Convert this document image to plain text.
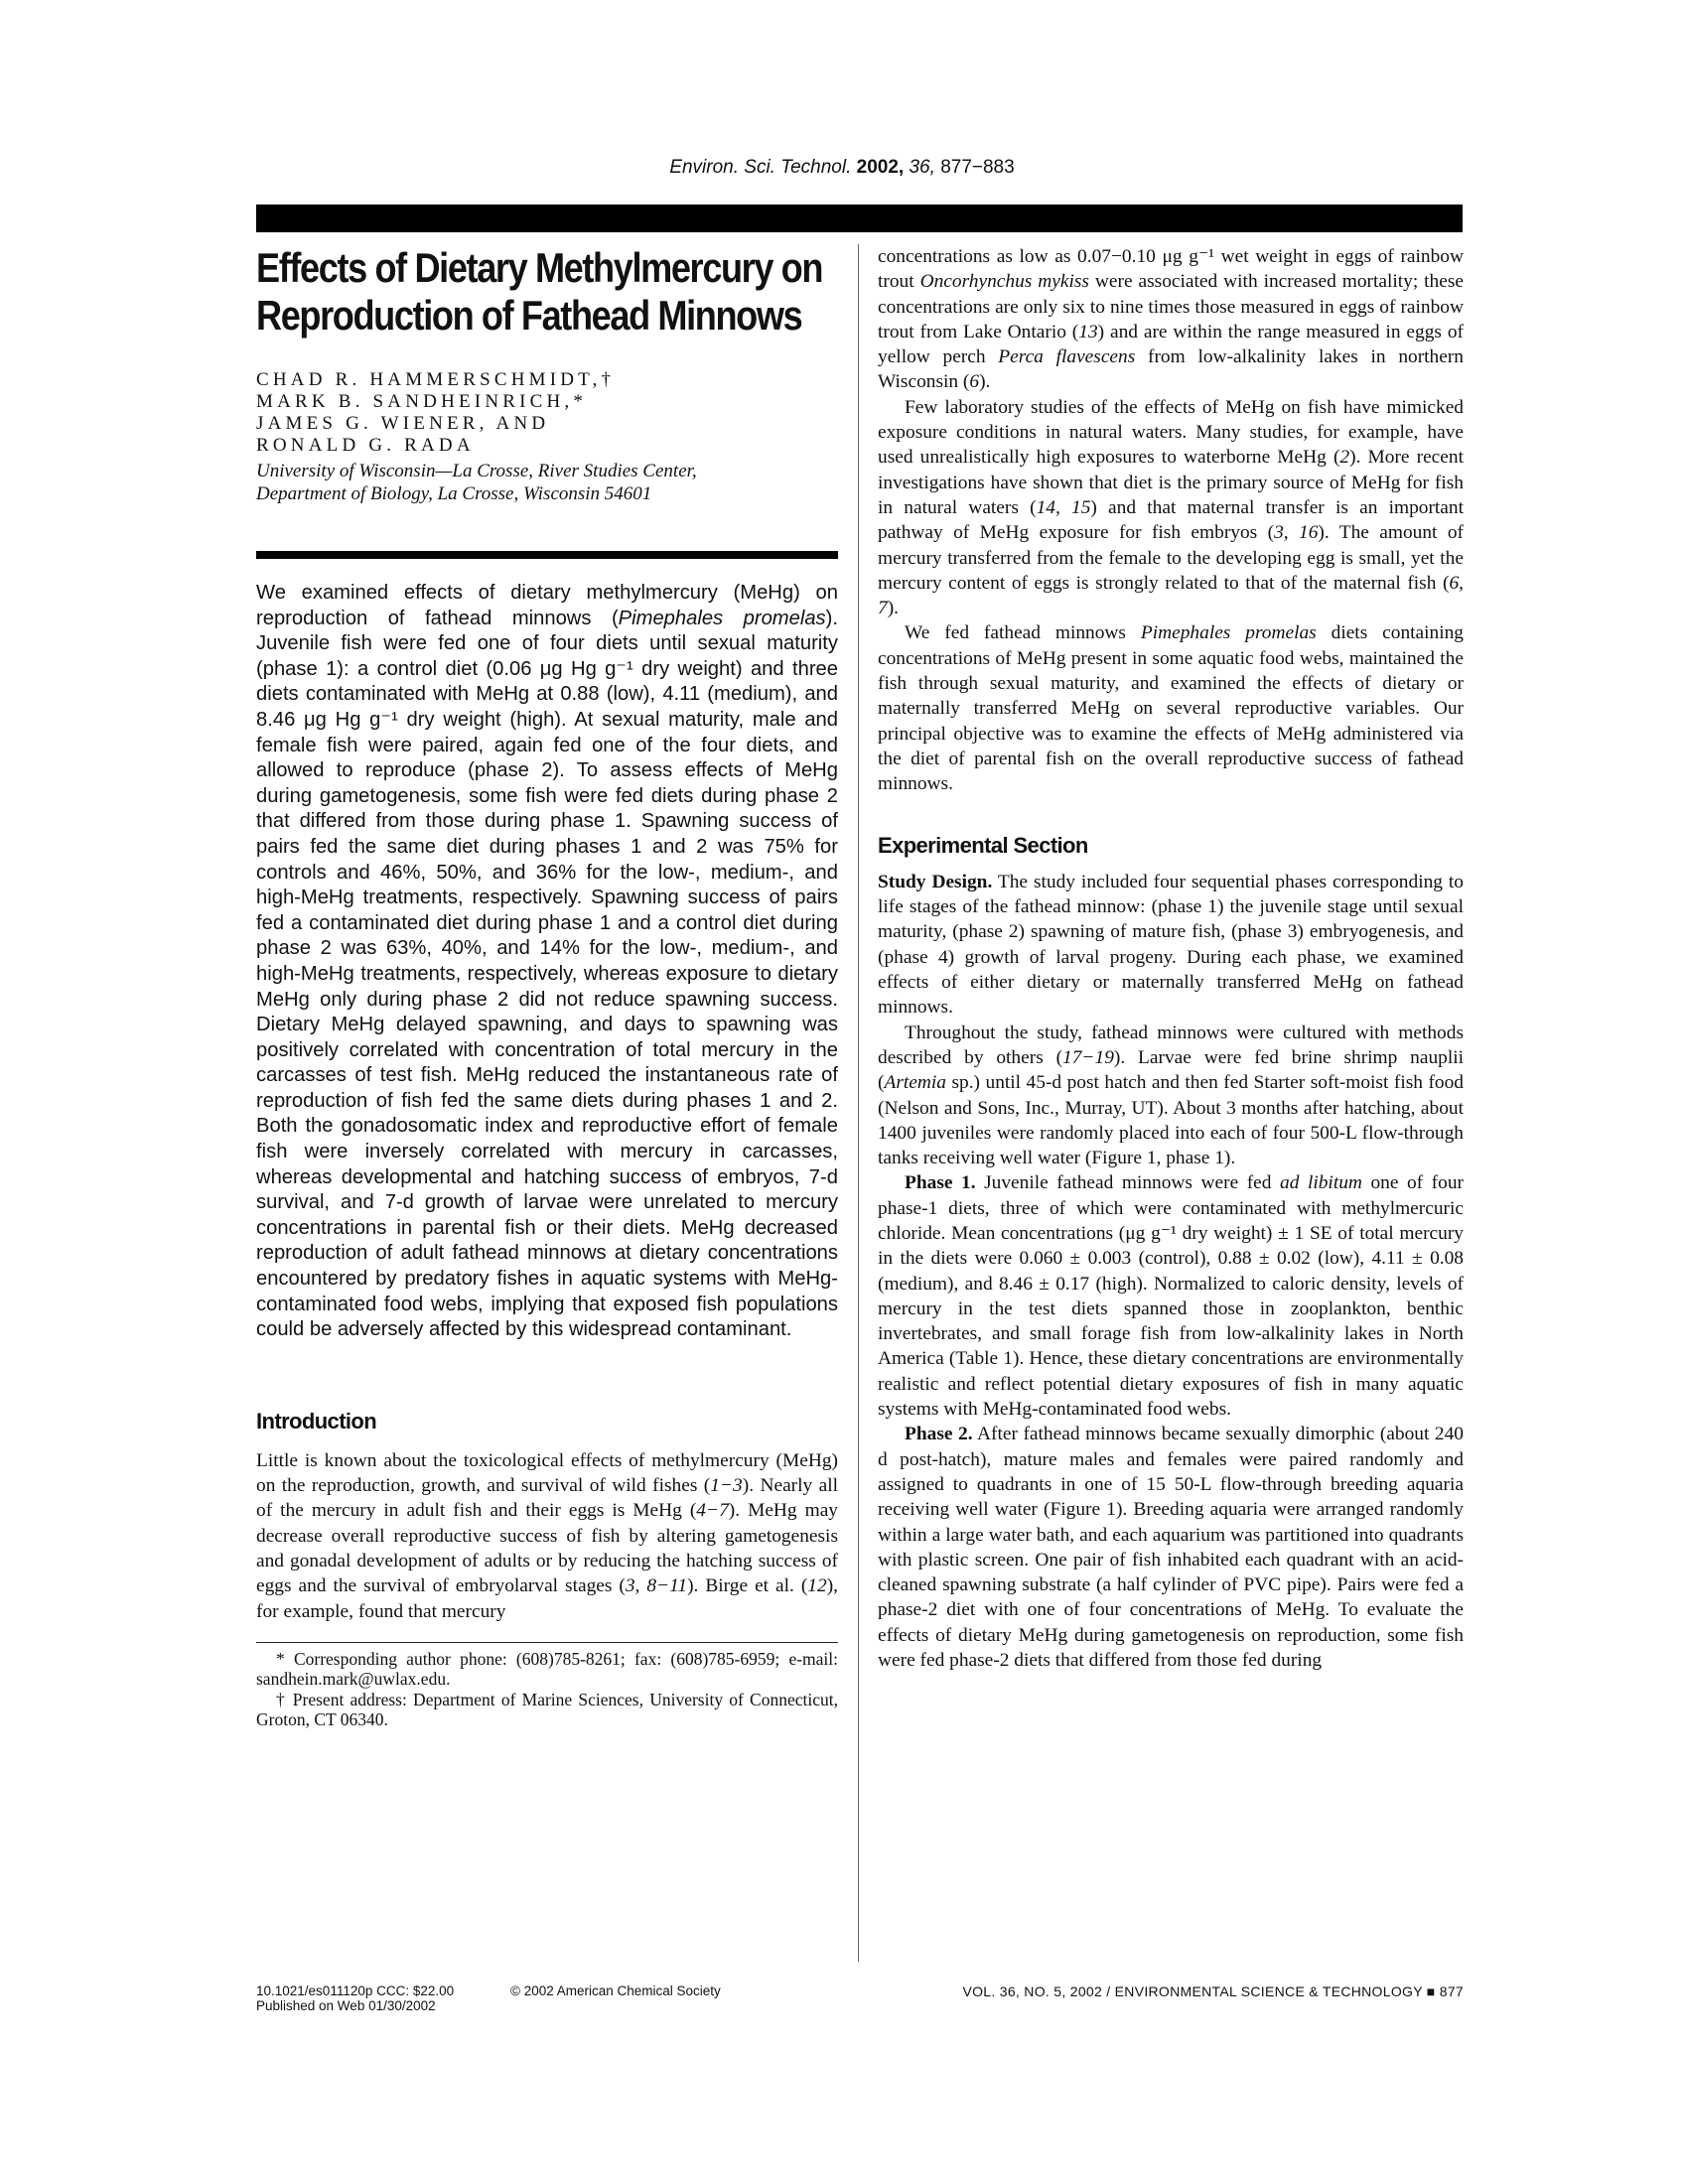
Environ. Sci. Technol. 2002, 36, 877−883
Effects of Dietary Methylmercury on
Reproduction of Fathead Minnows
CHAD R. HAMMERSCHMIDT,†
MARK B. SANDHEINRICH,*
JAMES G. WIENER, AND
RONALD G. RADA
University of Wisconsin—La Crosse, River Studies Center,
Department of Biology, La Crosse, Wisconsin 54601
We examined effects of dietary methylmercury (MeHg) on reproduction of fathead minnows (Pimephales promelas). Juvenile fish were fed one of four diets until sexual maturity (phase 1): a control diet (0.06 μg Hg g⁻¹ dry weight) and three diets contaminated with MeHg at 0.88 (low), 4.11 (medium), and 8.46 μg Hg g⁻¹ dry weight (high). At sexual maturity, male and female fish were paired, again fed one of the four diets, and allowed to reproduce (phase 2). To assess effects of MeHg during gametogenesis, some fish were fed diets during phase 2 that differed from those during phase 1. Spawning success of pairs fed the same diet during phases 1 and 2 was 75% for controls and 46%, 50%, and 36% for the low-, medium-, and high-MeHg treatments, respectively. Spawning success of pairs fed a contaminated diet during phase 1 and a control diet during phase 2 was 63%, 40%, and 14% for the low-, medium-, and high-MeHg treatments, respectively, whereas exposure to dietary MeHg only during phase 2 did not reduce spawning success. Dietary MeHg delayed spawning, and days to spawning was positively correlated with concentration of total mercury in the carcasses of test fish. MeHg reduced the instantaneous rate of reproduction of fish fed the same diets during phases 1 and 2. Both the gonadosomatic index and reproductive effort of female fish were inversely correlated with mercury in carcasses, whereas developmental and hatching success of embryos, 7-d survival, and 7-d growth of larvae were unrelated to mercury concentrations in parental fish or their diets. MeHg decreased reproduction of adult fathead minnows at dietary concentrations encountered by predatory fishes in aquatic systems with MeHg-contaminated food webs, implying that exposed fish populations could be adversely affected by this widespread contaminant.
Introduction

Little is known about the toxicological effects of methylmercury (MeHg) on the reproduction, growth, and survival of wild fishes (1−3). Nearly all of the mercury in adult fish and their eggs is MeHg (4−7). MeHg may decrease overall reproductive success of fish by altering gametogenesis and gonadal development of adults or by reducing the hatching success of eggs and the survival of embryolarval stages (3, 8−11). Birge et al. (12), for example, found that mercury

* Corresponding author phone: (608)785-8261; fax: (608)785-6959; e-mail: sandhein.mark@uwlax.edu.

† Present address: Department of Marine Sciences, University of Connecticut, Groton, CT 06340.

10.1021/es011120p CCC: $22.00	© 2002 American Chemical Society
Published on Web 01/30/2002

concentrations as low as 0.07−0.10 μg g⁻¹ wet weight in eggs of rainbow trout Oncorhynchus mykiss were associated with increased mortality; these concentrations are only six to nine times those measured in eggs of rainbow trout from Lake Ontario (13) and are within the range measured in eggs of yellow perch Perca flavescens from low-alkalinity lakes in northern Wisconsin (6).

Few laboratory studies of the effects of MeHg on fish have mimicked exposure conditions in natural waters. Many studies, for example, have used unrealistically high exposures to waterborne MeHg (2). More recent investigations have shown that diet is the primary source of MeHg for fish in natural waters (14, 15) and that maternal transfer is an important pathway of MeHg exposure for fish embryos (3, 16). The amount of mercury transferred from the female to the developing egg is small, yet the mercury content of eggs is strongly related to that of the maternal fish (6, 7).

We fed fathead minnows Pimephales promelas diets containing concentrations of MeHg present in some aquatic food webs, maintained the fish through sexual maturity, and examined the effects of dietary or maternally transferred MeHg on several reproductive variables. Our principal objective was to examine the effects of MeHg administered via the diet of parental fish on the overall reproductive success of fathead minnows.

Experimental Section

Study Design. The study included four sequential phases corresponding to life stages of the fathead minnow: (phase 1) the juvenile stage until sexual maturity, (phase 2) spawning of mature fish, (phase 3) embryogenesis, and (phase 4) growth of larval progeny. During each phase, we examined effects of either dietary or maternally transferred MeHg on fathead minnows.

Throughout the study, fathead minnows were cultured with methods described by others (17−19). Larvae were fed brine shrimp nauplii (Artemia sp.) until 45-d post hatch and then fed Starter soft-moist fish food (Nelson and Sons, Inc., Murray, UT). About 3 months after hatching, about 1400 juveniles were randomly placed into each of four 500-L flow-through tanks receiving well water (Figure 1, phase 1).

Phase 1. Juvenile fathead minnows were fed ad libitum one of four phase-1 diets, three of which were contaminated with methylmercuric chloride. Mean concentrations (μg g⁻¹ dry weight) ± 1 SE of total mercury in the diets were 0.060 ± 0.003 (control), 0.88 ± 0.02 (low), 4.11 ± 0.08 (medium), and 8.46 ± 0.17 (high). Normalized to caloric density, levels of mercury in the test diets spanned those in zooplankton, benthic invertebrates, and small forage fish from low-alkalinity lakes in North America (Table 1). Hence, these dietary concentrations are environmentally realistic and reflect potential dietary exposures of fish in many aquatic systems with MeHg-contaminated food webs.

Phase 2. After fathead minnows became sexually dimorphic (about 240 d post-hatch), mature males and females were paired randomly and assigned to quadrants in one of 15 50-L flow-through breeding aquaria receiving well water (Figure 1). Breeding aquaria were arranged randomly within a large water bath, and each aquarium was partitioned into quadrants with plastic screen. One pair of fish inhabited each quadrant with an acid-cleaned spawning substrate (a half cylinder of PVC pipe). Pairs were fed a phase-2 diet with one of four concentrations of MeHg. To evaluate the effects of dietary MeHg during gametogenesis on reproduction, some fish were fed phase-2 diets that differed from those fed during

VOL. 36, NO. 5, 2002 / ENVIRONMENTAL SCIENCE & TECHNOLOGY ■ 877
